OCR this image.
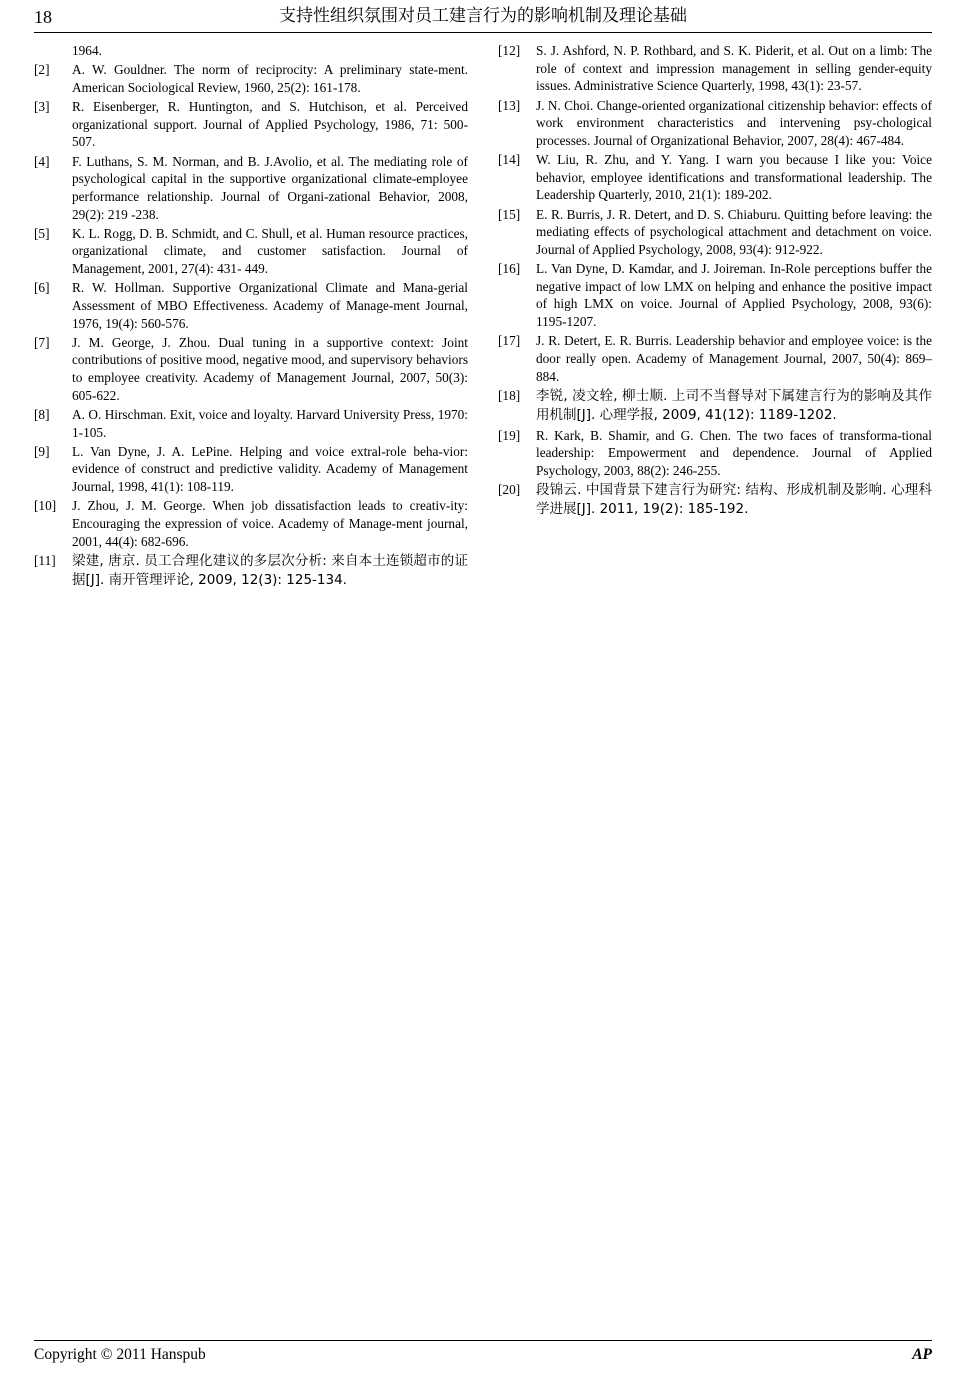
18	支持性组织氛围对员工建言行为的影响机制及理论基础
1964.
[2]	A. W. Gouldner. The norm of reciprocity: A preliminary state-ment. American Sociological Review, 1960, 25(2): 161-178.
[3]	R. Eisenberger, R. Huntington, and S. Hutchison, et al. Perceived organizational support. Journal of Applied Psychology, 1986, 71: 500-507.
[4]	F. Luthans, S. M. Norman, and B. J.Avolio, et al. The mediating role of psychological capital in the supportive organizational climate-employee performance relationship. Journal of Organi-zational Behavior, 2008, 29(2): 219 -238.
[5]	K. L. Rogg, D. B. Schmidt, and C. Shull, et al. Human resource practices, organizational climate, and customer satisfaction. Journal of Management, 2001, 27(4): 431- 449.
[6]	R. W. Hollman. Supportive Organizational Climate and Mana-gerial Assessment of MBO Effectiveness. Academy of Manage-ment Journal, 1976, 19(4): 560-576.
[7]	J. M. George, J. Zhou. Dual tuning in a supportive context: Joint contributions of positive mood, negative mood, and supervisory behaviors to employee creativity. Academy of Management Journal, 2007, 50(3): 605-622.
[8]	A. O. Hirschman. Exit, voice and loyalty. Harvard University Press, 1970: 1-105.
[9]	L. Van Dyne, J. A. LePine. Helping and voice extral-role beha-vior: evidence of construct and predictive validity. Academy of Management Journal, 1998, 41(1): 108-119.
[10]	J. Zhou, J. M. George. When job dissatisfaction leads to creativ-ity: Encouraging the expression of voice. Academy of Manage-ment journal, 2001, 44(4): 682-696.
[11]	梁建, 唐京. 员工合理化建议的多层次分析: 来自本土连锁超市的证据[J]. 南开管理评论, 2009, 12(3): 125-134.
[12]	S. J. Ashford, N. P. Rothbard, and S. K. Piderit, et al. Out on a limb: The role of context and impression management in selling gender-equity issues. Administrative Science Quarterly, 1998, 43(1): 23-57.
[13]	J. N. Choi. Change-oriented organizational citizenship behavior: effects of work environment characteristics and intervening psy-chological processes. Journal of Organizational Behavior, 2007, 28(4): 467-484.
[14]	W. Liu, R. Zhu, and Y. Yang. I warn you because I like you: Voice behavior, employee identifications and transformational leadership. The Leadership Quarterly, 2010, 21(1): 189-202.
[15]	E. R. Burris, J. R. Detert, and D. S. Chiaburu. Quitting before leaving: the mediating effects of psychological attachment and detachment on voice. Journal of Applied Psychology, 2008, 93(4): 912-922.
[16]	L. Van Dyne, D. Kamdar, and J. Joireman. In-Role perceptions buffer the negative impact of low LMX on helping and enhance the positive impact of high LMX on voice. Journal of Applied Psychology, 2008, 93(6): 1195-1207.
[17]	J. R. Detert, E. R. Burris. Leadership behavior and employee voice: is the door really open. Academy of Management Journal, 2007, 50(4): 869–884.
[18]	李锐, 凌文辁, 柳士顺. 上司不当督导对下属建言行为的影响及其作用机制[J]. 心理学报, 2009, 41(12): 1189-1202.
[19]	R. Kark, B. Shamir, and G. Chen. The two faces of transforma-tional leadership: Empowerment and dependence. Journal of Applied Psychology, 2003, 88(2): 246-255.
[20]	段锦云. 中国背景下建言行为研究: 结构、形成机制及影响. 心理科学进展[J]. 2011, 19(2): 185-192.
Copyright © 2011 Hanspub	AP
